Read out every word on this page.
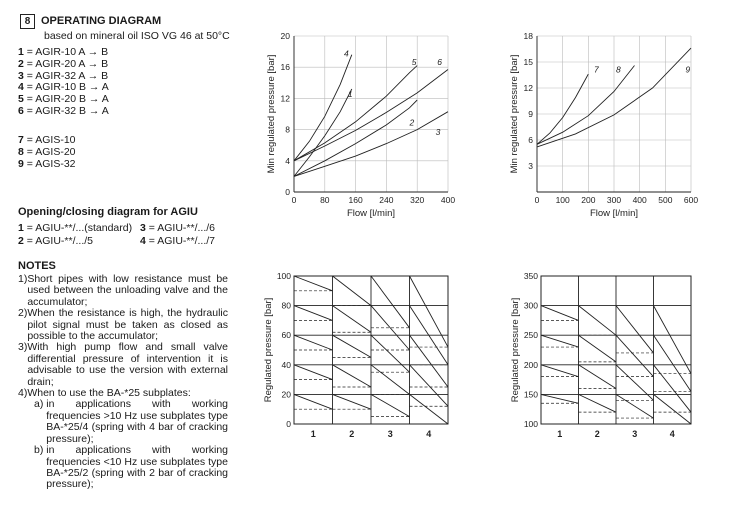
8 OPERATING DIAGRAM
based on mineral oil ISO VG 46 at 50°C
1 = AGIR-10 A → B
2 = AGIR-20 A → B
3 = AGIR-32 A → B
4 = AGIR-10 B → A
5 = AGIR-20 B → A
6 = AGIR-32 B → A
7 = AGIS-10
8 = AGIS-20
9 = AGIS-32
Opening/closing diagram for AGIU
1 = AGIU-**/...(standard) 3 = AGIU-**/.../6
2 = AGIU-**/.../5	4 = AGIU-**/.../7
NOTES
1) Short pipes with low resistance must be used between the unloading valve and the accumulator;
2) When the resistance is high, the hydraulic pilot signal must be taken as closed as possible to the accumulator;
3) With high pump flow and small valve differential pressure of intervention it is advisable to use the version with external drain;
4) When to use the BA-*25 subplates:
a) in applications with working frequencies >10 Hz use subplates type BA-*25/4 (spring with 4 bar of cracking pressure);
b) in applications with working frequencies <10 Hz use subplates type BA-*25/2 (spring with 2 bar of cracking pressure);
0	80 160 240 320 400
0
4
8
12
16
20
Flow [l/min]
Min regulated pressure [bar]	1
2
3
4
5 6
0 100 200 300 400 500 600
3
6
9
12
15
18
Flow [l/min]
Min regulated pressure [bar]	7 8	9
0
20
40
60
80
100
1	2	3	4
Regulated pressure [bar]
100
150
200
250
300
350
1	2	3	4
Regulated pressure [bar]
